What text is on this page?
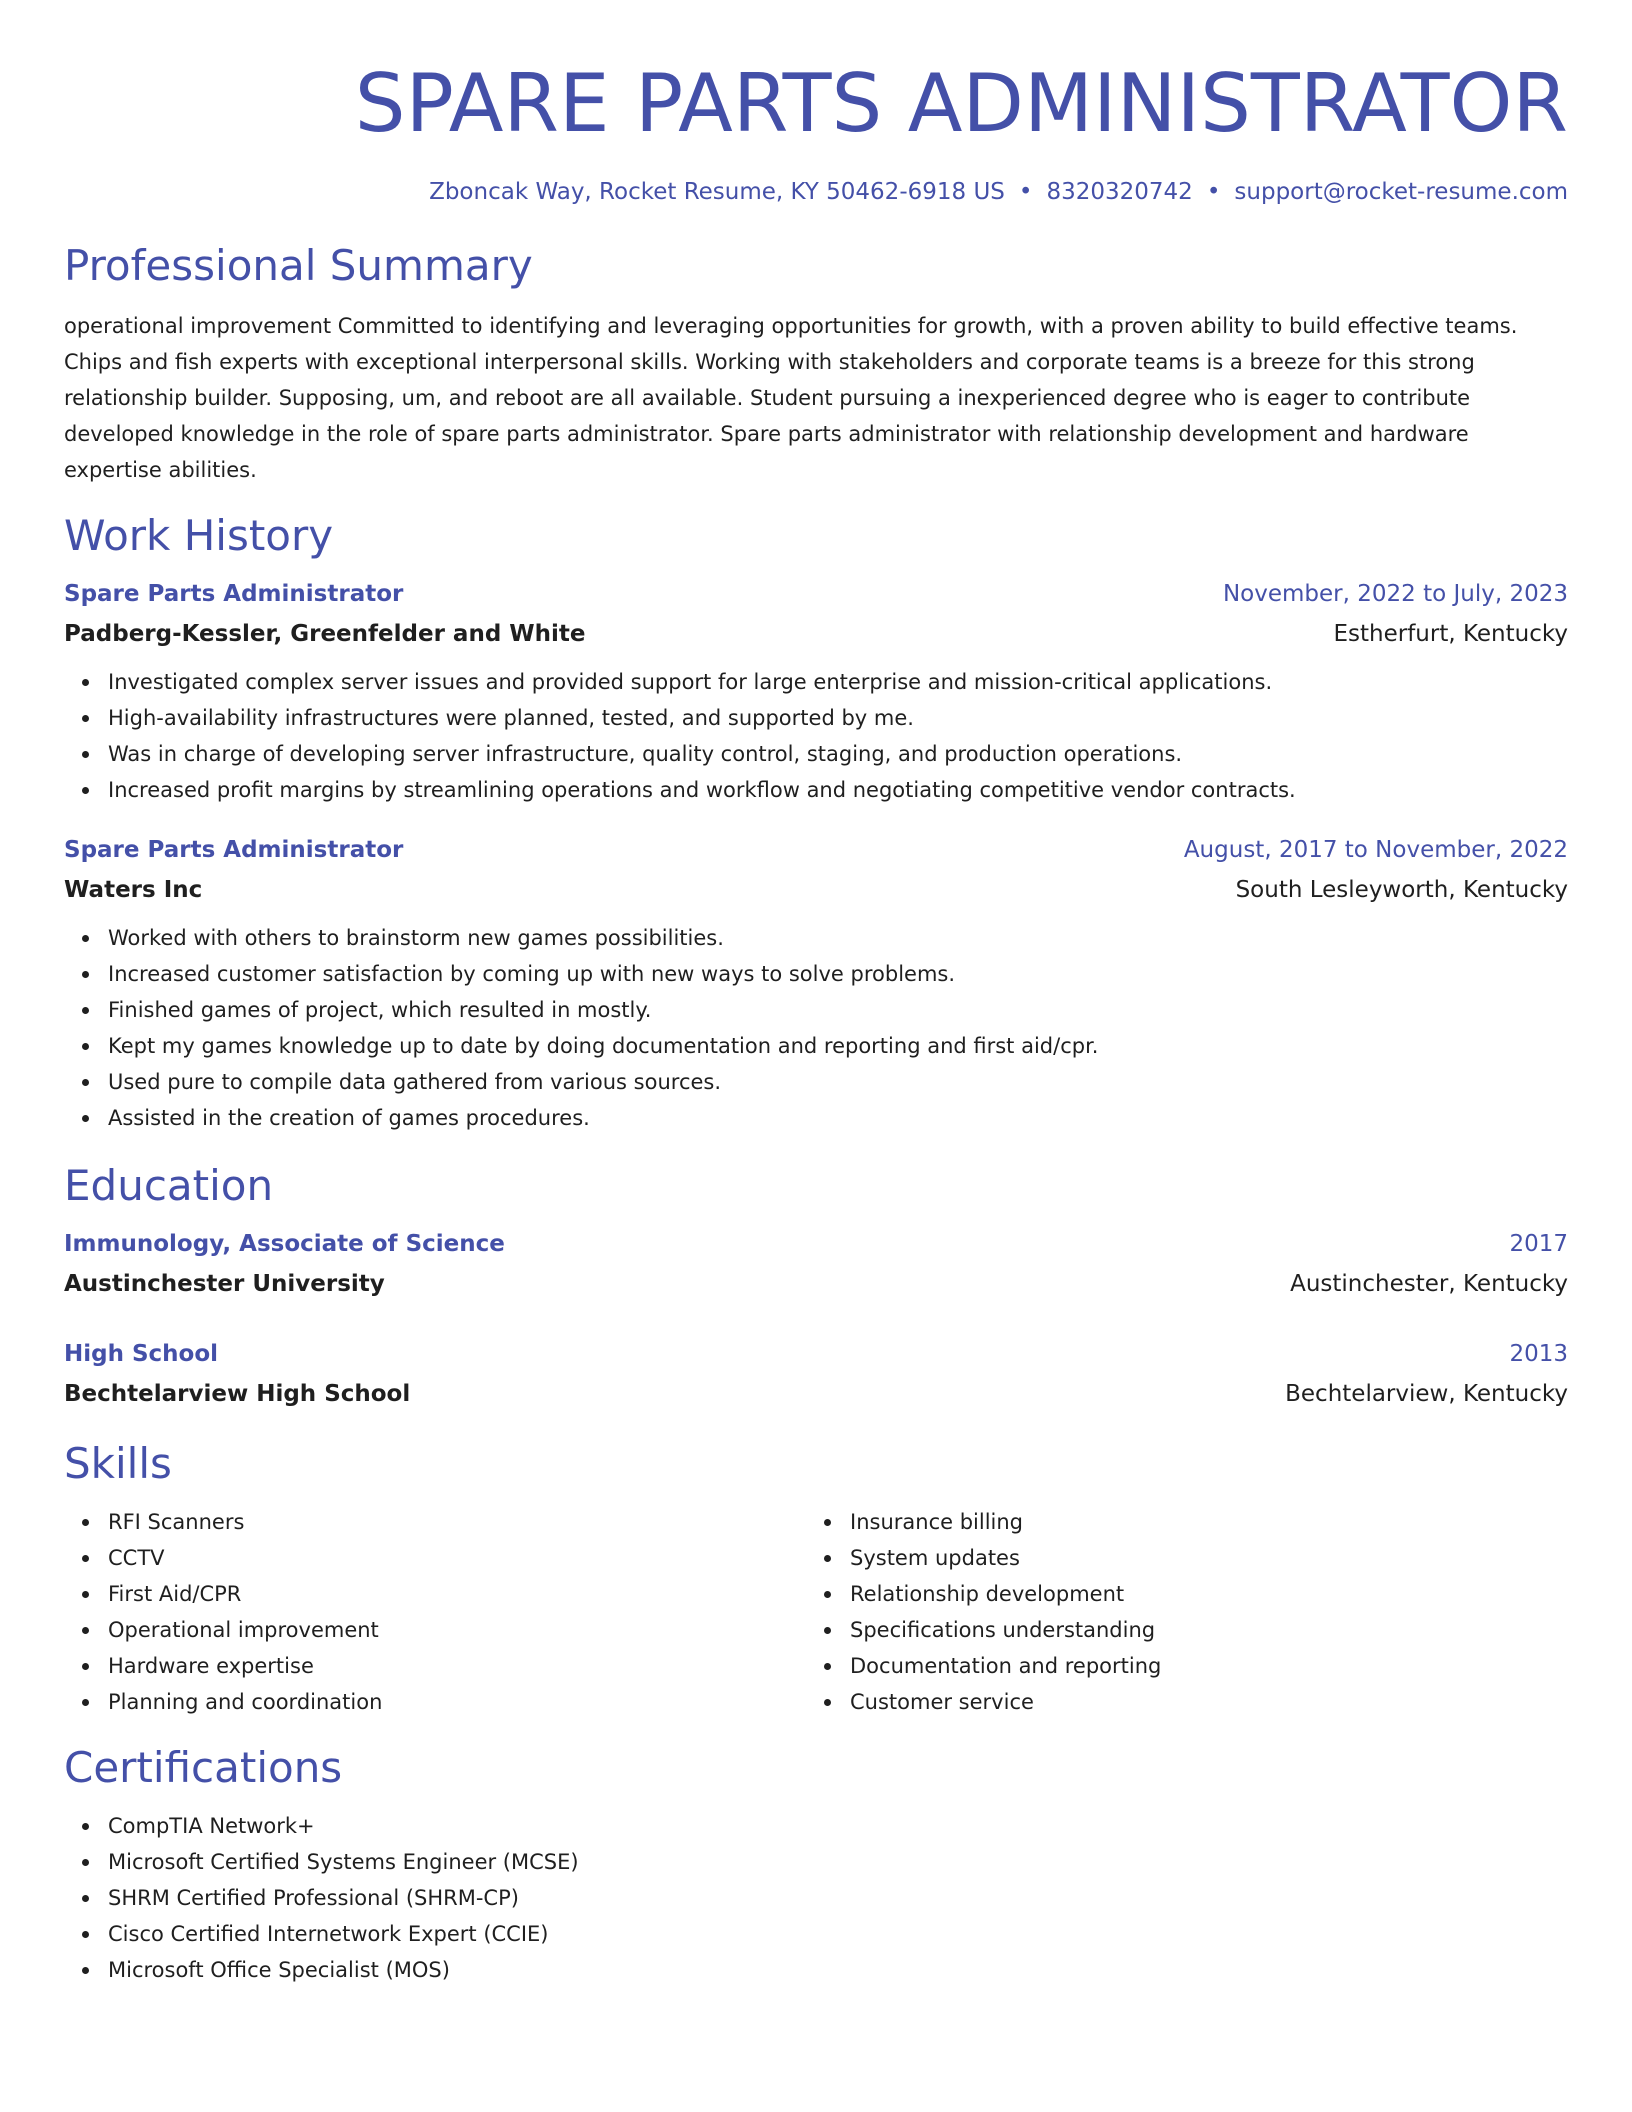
SPARE PARTS ADMINISTRATOR
Zboncak Way, Rocket Resume, KY 50462-6918 US • 8320320742 • support@rocket-resume.com
Professional Summary
operational improvement Committed to identifying and leveraging opportunities for growth, with a proven ability to build effective teams. Chips and fish experts with exceptional interpersonal skills. Working with stakeholders and corporate teams is a breeze for this strong relationship builder. Supposing, um, and reboot are all available. Student pursuing a inexperienced degree who is eager to contribute developed knowledge in the role of spare parts administrator. Spare parts administrator with relationship development and hardware expertise abilities.
Work History
Spare Parts Administrator	November, 2022 to July, 2023
Padberg-Kessler, Greenfelder and White	Estherfurt, Kentucky
Investigated complex server issues and provided support for large enterprise and mission-critical applications.
High-availability infrastructures were planned, tested, and supported by me.
Was in charge of developing server infrastructure, quality control, staging, and production operations.
Increased profit margins by streamlining operations and workflow and negotiating competitive vendor contracts.
Spare Parts Administrator	August, 2017 to November, 2022
Waters Inc	South Lesleyworth, Kentucky
Worked with others to brainstorm new games possibilities.
Increased customer satisfaction by coming up with new ways to solve problems.
Finished games of project, which resulted in mostly.
Kept my games knowledge up to date by doing documentation and reporting and first aid/cpr.
Used pure to compile data gathered from various sources.
Assisted in the creation of games procedures.
Education
Immunology, Associate of Science	2017
Austinchester University	Austinchester, Kentucky
High School	2013
Bechtelarview High School	Bechtelarview, Kentucky
Skills
RFI Scanners
CCTV
First Aid/CPR
Operational improvement
Hardware expertise
Planning and coordination
Insurance billing
System updates
Relationship development
Specifications understanding
Documentation and reporting
Customer service
Certifications
CompTIA Network+
Microsoft Certified Systems Engineer (MCSE)
SHRM Certified Professional (SHRM-CP)
Cisco Certified Internetwork Expert (CCIE)
Microsoft Office Specialist (MOS)
